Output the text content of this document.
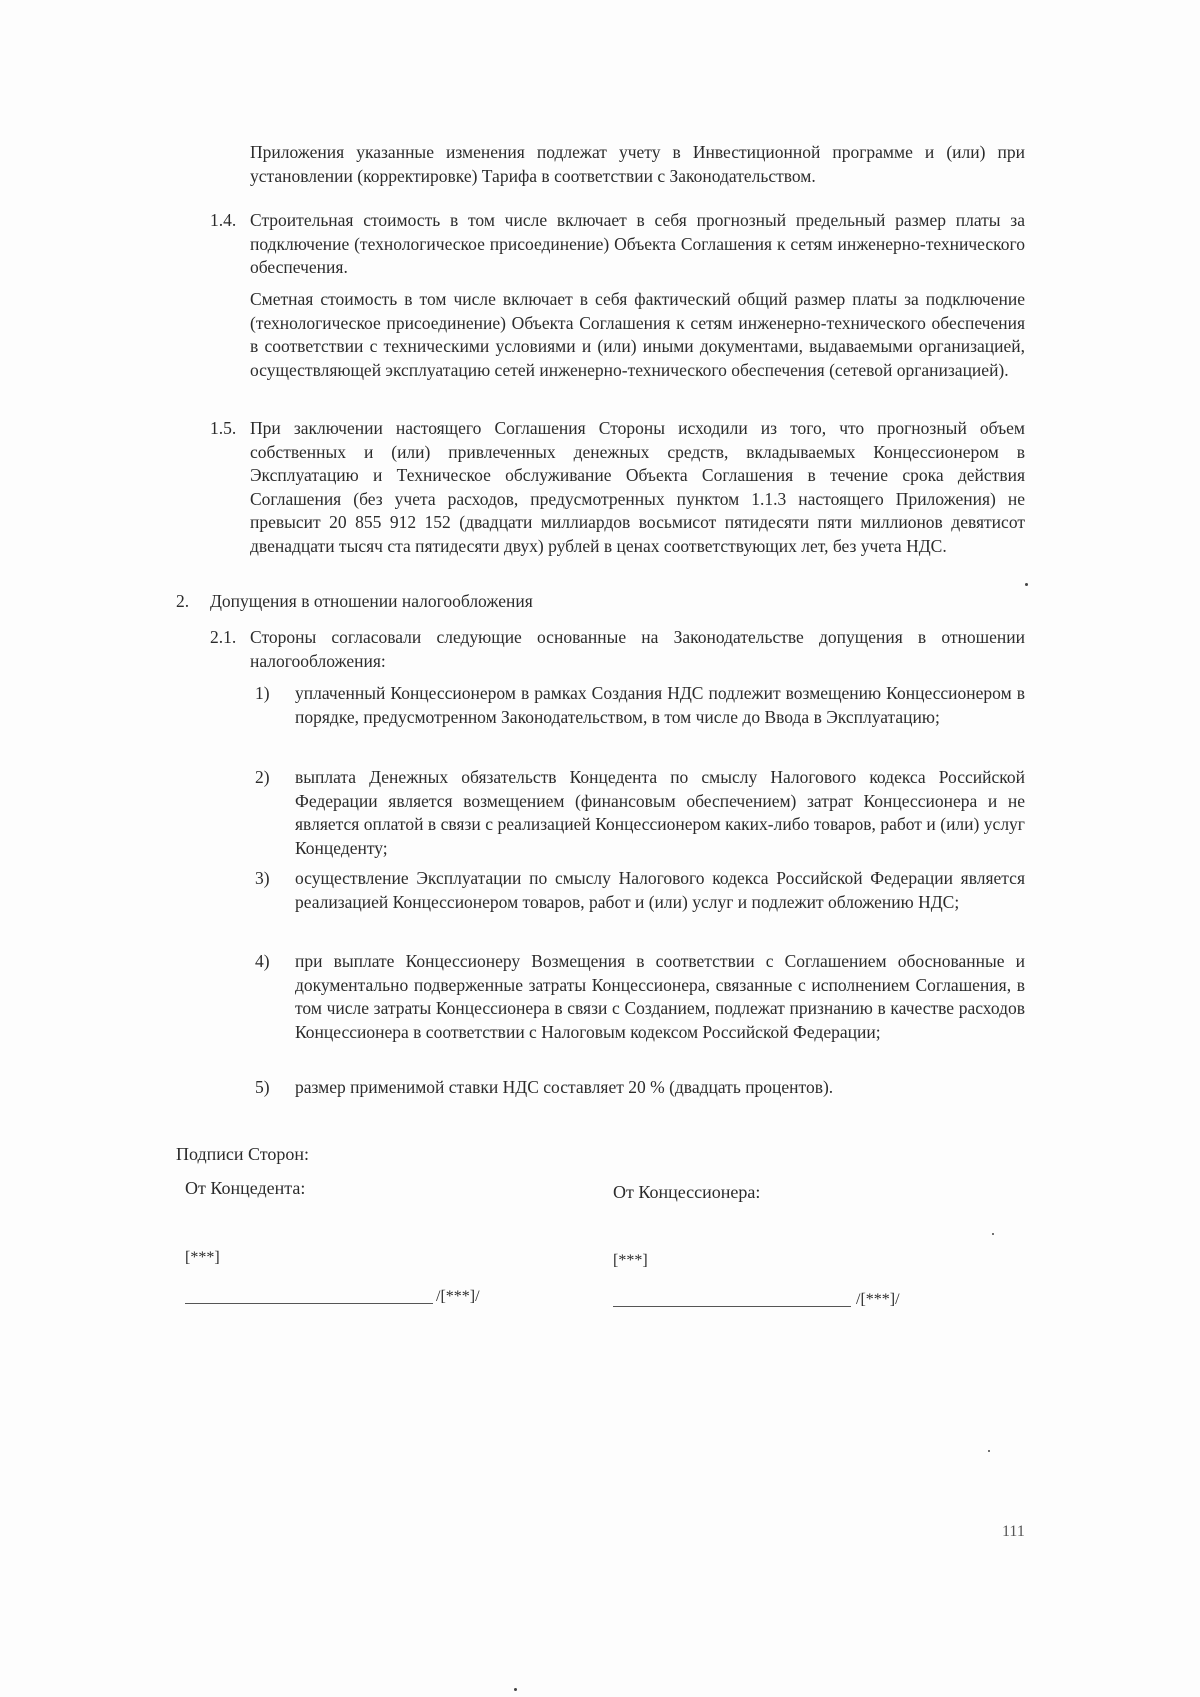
Приложения указанные изменения подлежат учету в Инвестиционной программе и (или) при установлении (корректировке) Тарифа в соответствии с Законодательством.

1.4. Строительная стоимость в том числе включает в себя прогнозный предельный размер платы за подключение (технологическое присоединение) Объекта Соглашения к сетям инженерно-технического обеспечения.

Сметная стоимость в том числе включает в себя фактический общий размер платы за подключение (технологическое присоединение) Объекта Соглашения к сетям инженерно-технического обеспечения в соответствии с техническими условиями и (или) иными документами, выдаваемыми организацией, осуществляющей эксплуатацию сетей инженерно-технического обеспечения (сетевой организацией).

1.5. При заключении настоящего Соглашения Стороны исходили из того, что прогнозный объем собственных и (или) привлеченных денежных средств, вкладываемых Концессионером в Эксплуатацию и Техническое обслуживание Объекта Соглашения в течение срока действия Соглашения (без учета расходов, предусмотренных пунктом 1.1.3 настоящего Приложения) не превысит 20 855 912 152 (двадцати миллиардов восьмисот пятидесяти пяти миллионов девятисот двенадцати тысяч ста пятидесяти двух) рублей в ценах соответствующих лет, без учета НДС.

2. Допущения в отношении налогообложения
2.1. Стороны согласовали следующие основанные на Законодательстве допущения в отношении налогообложения:

1) уплаченный Концессионером в рамках Создания НДС подлежит возмещению Концессионером в порядке, предусмотренном Законодательством, в том числе до Ввода в Эксплуатацию;

2) выплата Денежных обязательств Концедента по смыслу Налогового кодекса Российской Федерации является возмещением (финансовым обеспечением) затрат Концессионера и не является оплатой в связи с реализацией Концессионером каких-либо товаров, работ и (или) услуг Концеденту;

3) осуществление Эксплуатации по смыслу Налогового кодекса Российской Федерации является реализацией Концессионером товаров, работ и (или) услуг и подлежит обложению НДС;

4) при выплате Концессионеру Возмещения в соответствии с Соглашением обоснованные и документально подверженные затраты Концессионера, связанные с исполнением Соглашения, в том числе затраты Концессионера в связи с Созданием, подлежат признанию в качестве расходов Концессионера в соответствии с Налоговым кодексом Российской Федерации;

5) размер применимой ставки НДС составляет 20 % (двадцать процентов).

Подписи Сторон:
От Концедента:	От Концессионера:
[***]	[***]
/[***]/	/[***]/
111
